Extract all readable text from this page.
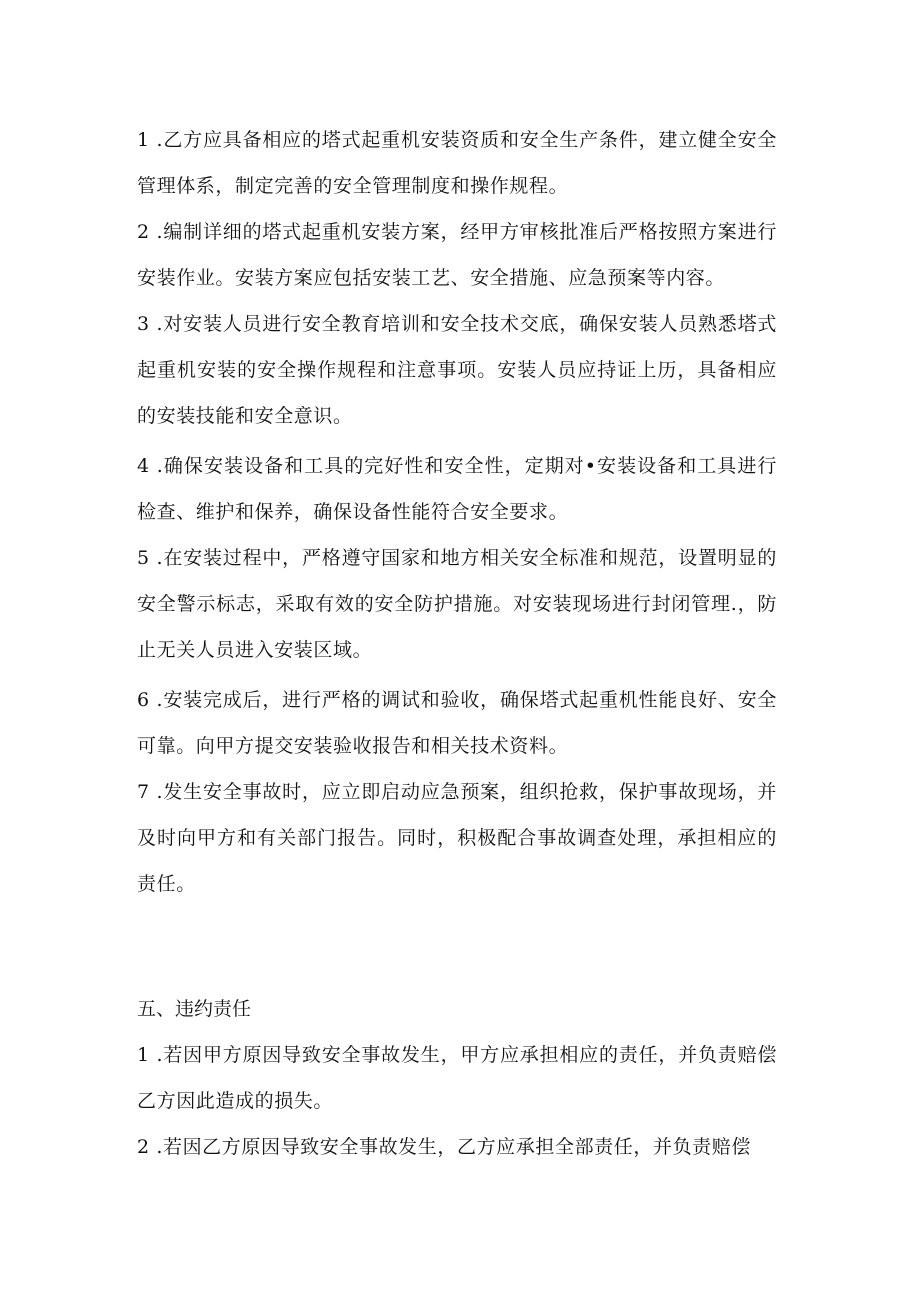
1 .乙方应具备相应的塔式起重机安装资质和安全生产条件，建立健全安全管理体系，制定完善的安全管理制度和操作规程。

2 .编制详细的塔式起重机安装方案，经甲方审核批准后严格按照方案进行安装作业。安装方案应包括安装工艺、安全措施、应急预案等内容。

3 .对安装人员进行安全教育培训和安全技术交底，确保安装人员熟悉塔式起重机安装的安全操作规程和注意事项。安装人员应持证上历，具备相应的安装技能和安全意识。

4 .确保安装设备和工具的完好性和安全性，定期对•安装设备和工具进行检查、维护和保养，确保设备性能符合安全要求。

5 .在安装过程中，严格遵守国家和地方相关安全标准和规范，设置明显的安全警示标志，采取有效的安全防护措施。对安装现场进行封闭管理.，防止无关人员进入安装区域。

6 .安装完成后，进行严格的调试和验收，确保塔式起重机性能良好、安全可靠。向甲方提交安装验收报告和相关技术资料。

7 .发生安全事故时，应立即启动应急预案，组织抢救，保护事故现场，并及时向甲方和有关部门报告。同时，积极配合事故调查处理，承担相应的责任。

五、违约责任

1 .若因甲方原因导致安全事故发生，甲方应承担相应的责任，并负责赔偿乙方因此造成的损失。

2 .若因乙方原因导致安全事故发生，乙方应承担全部责任，并负责赔偿
